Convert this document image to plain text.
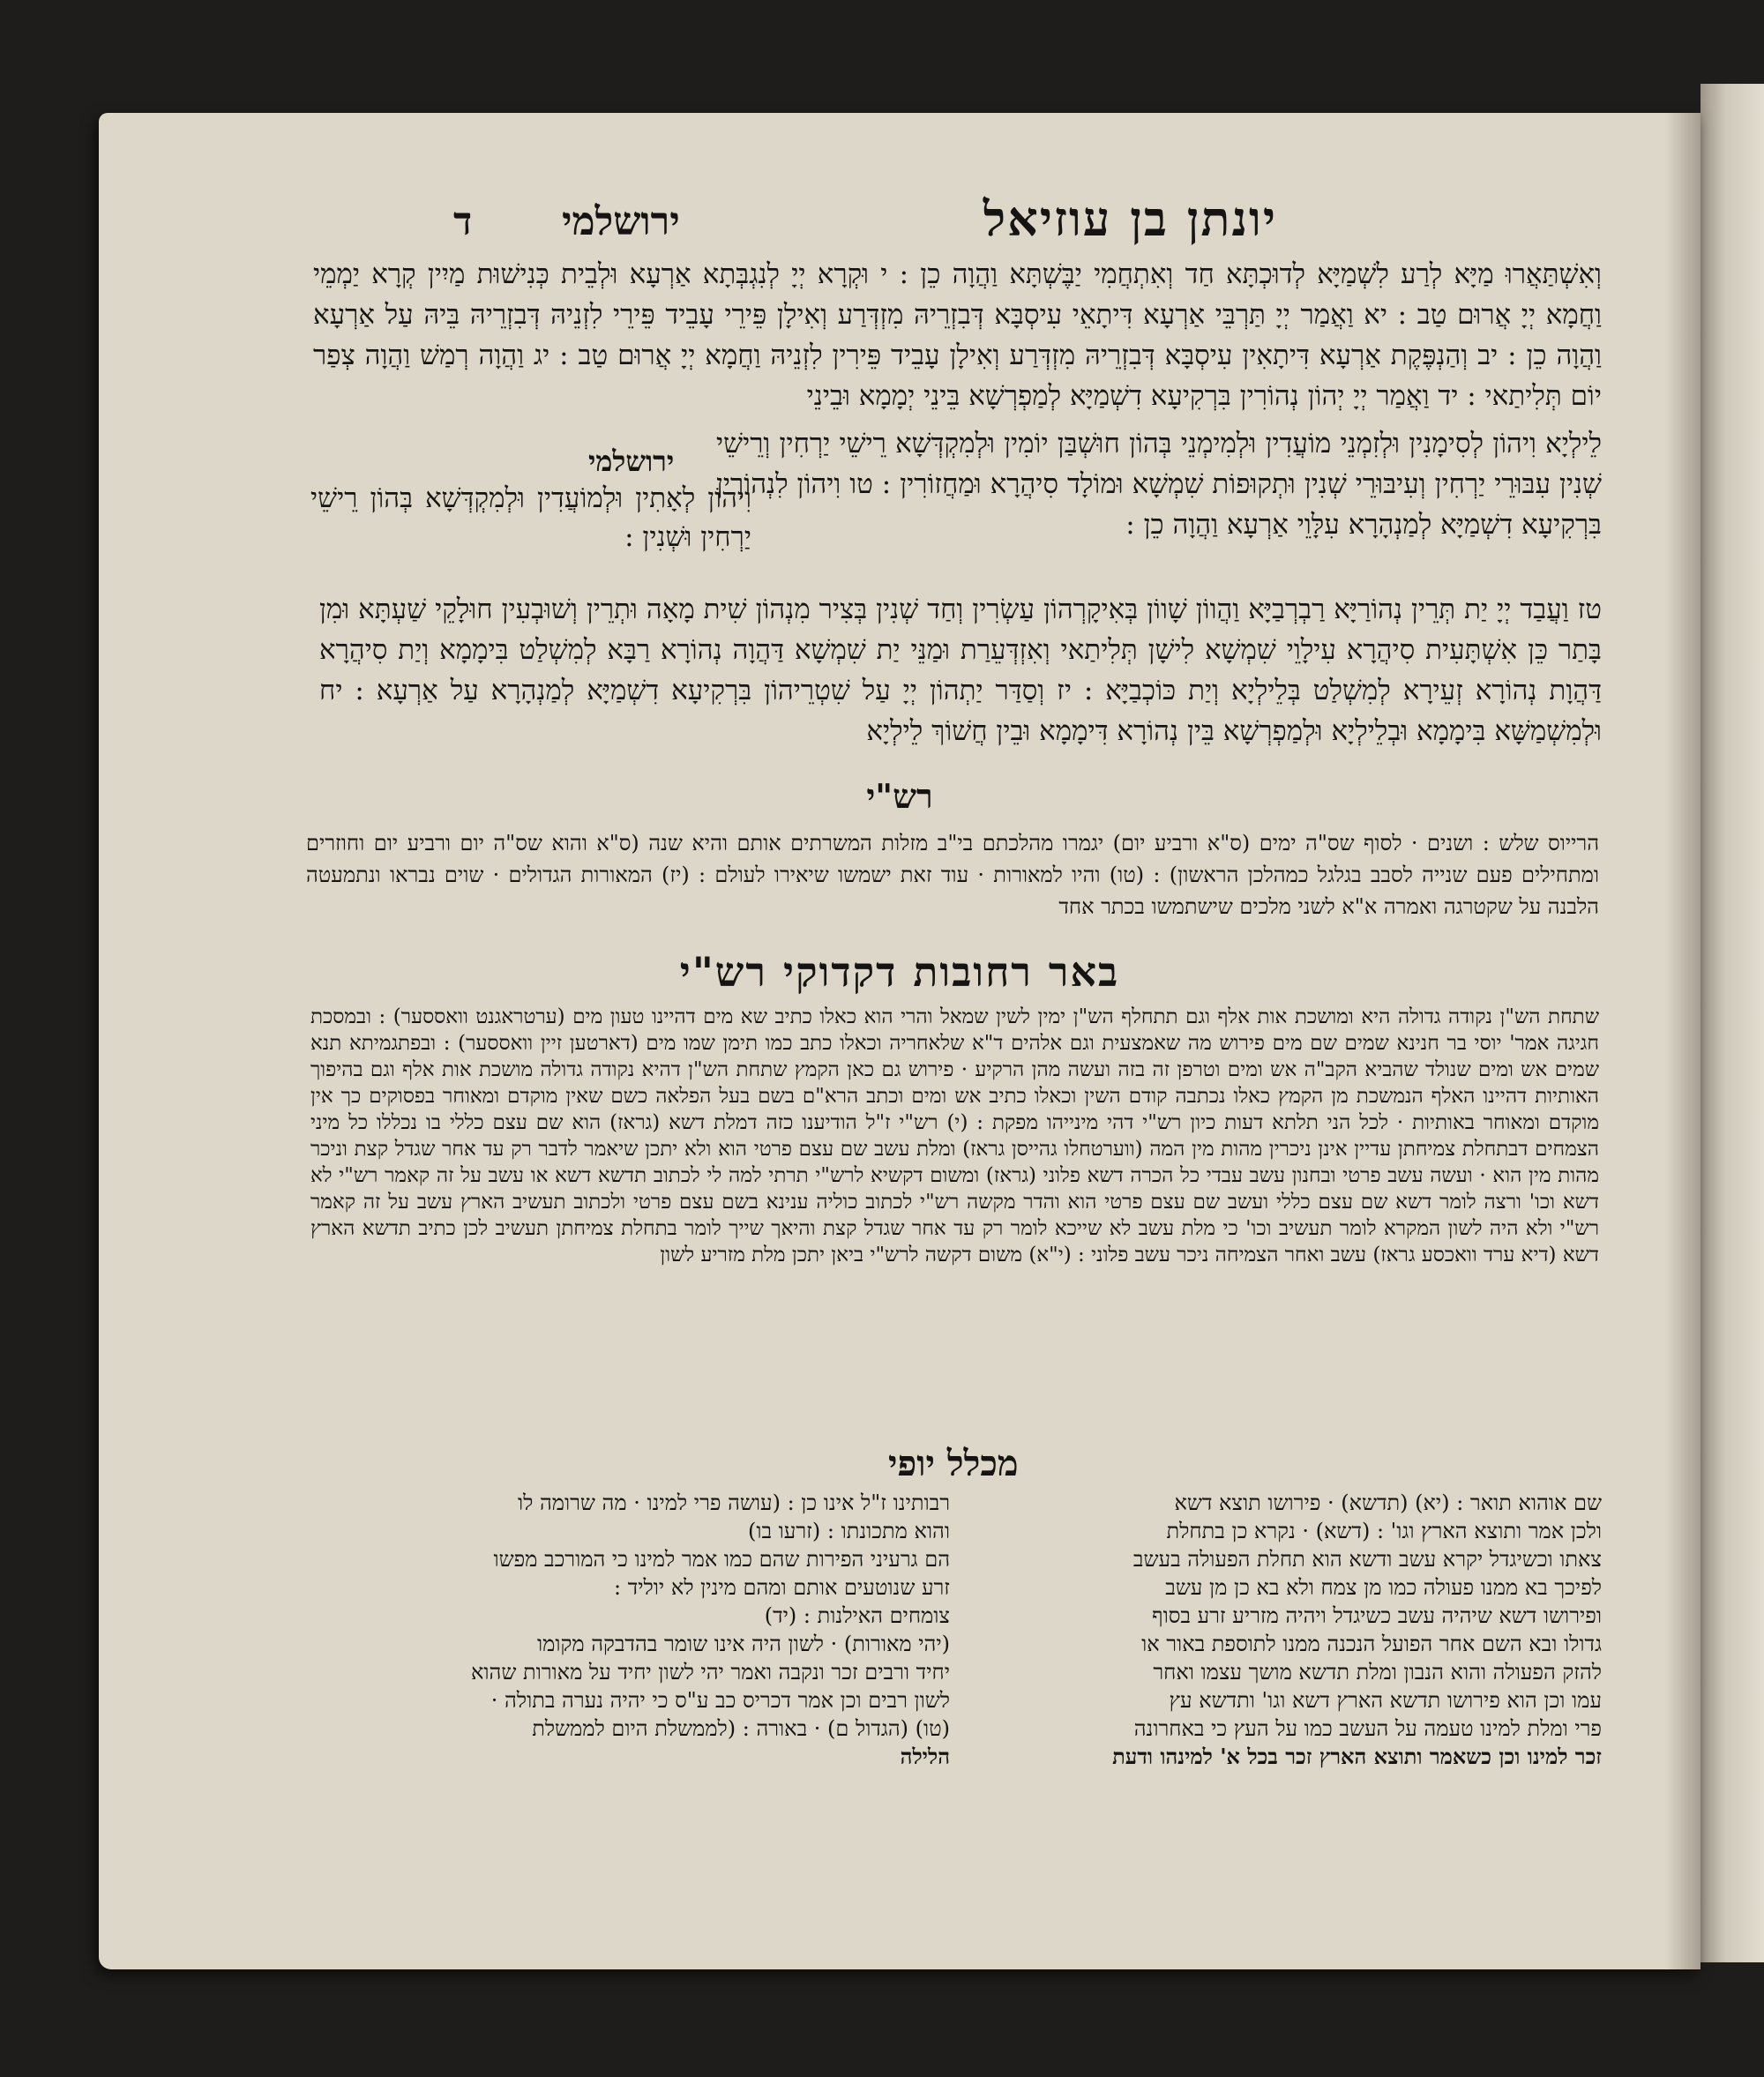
יונתן בן עוזיאל
ירושלמי
ד
וְאִשְׁתַּאֲרוּ מַיָּא לְרַע לִשְׁמַיָּא לְדוּכְתָּא חַד וְאִתְחֲמִי יַבֶּשְׁתָּא וַהֲוָה כֵן : י וּקְרָא יְיָ לְנִגְבְּתָא אַרְעָא וּלְבֵית כְּנִישׁוּת מַיִין קְרָא יַמְמֵי וַחֲמָא יְיָ אֲרוּם טַב : יא וַאֲמַר יְיָ תַּרְבֵּי אַרְעָא דִּיתָאֵי עִיסְבָּא דְּבִזְרֵיהּ מִזְדְּרַע וְאִילָן פֵּירֵי עָבֵיד פֵּירֵי לִזְנֵיהּ דְּבִזְרֵיהּ בֵּיהּ עַל אַרְעָא וַהֲוָה כֵן : יב וְהַנְפֶּקֶת אַרְעָא דִּיתָאִין עִיסְבָּא דְּבִזְרֵיהּ מִזְדְּרַע וְאִילָן עָבֵיד פֵּירִין לִזְנֵיהּ וַחֲמָא יְיָ אֲרוּם טַב : יג וַהֲוָה רְמַשׁ וַהֲוָה צְפַר יוֹם תְּלִיתַאי : יד וַאֲמַר יְיָ יְהוֹן נְהוֹרִין בִּרְקִיעָא דִשְׁמַיָּא לְמַפְרְשָׁא בֵּינֵי יְמָמָא וּבֵינֵי
לֵילְיָא וִיהוֹן לְסִימָנִין וּלְזִמְנֵי מוֹעֲדִין וּלְמִימְנֵי בְּהוֹן חוּשְׁבַּן יוֹמִין וּלְמִקְדְּשָׁא רֵישֵׁי יַרְחִין וְרֵישֵׁי שְׁנִין עִבּוּרֵי יַרְחִין וְעִיבּוּרֵי שְׁנִין וּתְקוּפוֹת שִׁמְשָׁא וּמוֹלָד סִיהֲרָא וּמַחֲזוֹרִין : טו וִיהוֹן לִנְהוֹרִין בִּרְקִיעָא דִשְׁמַיָּא לְמַנְהָרָא עִלָּוֵי אַרְעָא וַהֲוָה כֵן :
ירושלמי
וִיהוֹן לְאָתִין וּלְמוֹעֲדִין וּלְמִקְדְּשָׁא בְּהוֹן רֵישֵׁי יַרְחִין וּשְׁנִין :
טז וַעֲבַד יְיָ יַת תְּרֵין נְהוֹרַיָּא רַבְרְבַיָּא וַהֲווֹן שָׁווֹן בְּאִיקָרְהוֹן עַשְׂרִין וְחַד שְׁנִין בְּצִיר מִנְהוֹן שִׁית מָאָה וּתְרֵין וְשׁוּבְעִין חוּלָקֵי שַׁעְתָּא וּמִן בָּתַר כֵּן אִשְׁתָּעִית סִיהֲרָא עִילָוֵי שִׁמְשָׁא לִישָׁן תְּלִיתַאי וְאִזְדְּעֵרַת וּמַנֵּי יַת שִׁמְשָׁא דַּהֲוָה נְהוֹרָא רַבָּא לְמִשְׁלַט בִּימָמָא וְיַת סִיהֲרָא דַּהֲוָת נְהוֹרָא זְעֵירָא לְמִשְׁלַט בְּלֵילְיָא וְיַת כּוֹכְבַיָּא : יז וְסַדַּר יַתְהוֹן יְיָ עַל שִׁטְרֵיהוֹן בִּרְקִיעָא דִשְׁמַיָּא לְמַנְהָרָא עַל אַרְעָא : יח וּלְמִשְׁמַשָּׁא בִּימָמָא וּבְלֵילְיָא וּלְמַפְרְשָׁא בֵּין נְהוֹרָא דִּימָמָא וּבֵין חֲשׁוֹךְ לֵילְיָא
רש"י
הרייוס שלש : ושנים · לסוף שס"ה ימים (ס"א ורביע יום) יגמרו מהלכתם בי"ב מזלות המשרתים אותם והיא שנה (ס"א והוא שס"ה יום ורביע יום וחוזרים ומתחילים פעם שנייה לסבב בגלגל כמהלכן הראשון) : (טו) והיו למאורות · עוד זאת ישמשו שיאירו לעולם : (יז) המאורות הגדולים · שוים נבראו ונתמעטה הלבנה על שקטרגה ואמרה א"א לשני מלכים שישתמשו בכתר אחד
באר רחובות דקדוקי רש"י
שתחת הש"ן נקודה גדולה היא ומושכת אות אלף וגם תתחלף הש"ן ימין לשין שמאל והרי הוא כאלו כתיב שא מים דהיינו טעון מים (ערטראגנט וואססער) : ובמסכת חגיגה אמר' יוסי בר חנינא שמים שם מים פירוש מה שאמצעית וגם אלהים ד"א שלאחריה וכאלו כתב כמו תימן שמו מים (דארטען זיין וואססער) : ובפתגמיתא תנא שמים אש ומים שנולד שהביא הקב"ה אש ומים וטרפן זה בזה ועשה מהן הרקיע · פירוש גם כאן הקמץ שתחת הש"ן דהיא נקודה גדולה מושכת אות אלף וגם בהיפוך האותיות דהיינו האלף הנמשכת מן הקמץ כאלו נכתבה קודם השין וכאלו כתיב אש ומים וכתב הרא"ם בשם בעל הפלאה כשם שאין מוקדם ומאוחר בפסוקים כך אין מוקדם ומאוחר באותיות · לכל הני תלתא דעות כיון רש"י דהי מינייהו מפקת : (י) רש"י ז"ל הודיענו כזה דמלת דשא (גראז) הוא שם עצם כללי בו נכללו כל מיני הצמחים דבתחלת צמיחתן עדיין אינן ניכרין מהות מין המה (ווערטחלו גהייסן גראז) ומלת עשב שם עצם פרטי הוא ולא יתכן שיאמר לדבר רק עד אחר שגדל קצת וניכר מהות מין הוא · ועשה עשב פרטי ובחנון עשב עבדי כל הכרה דשא פלוני (גראז) ומשום דקשיא לרש"י תרתי למה לי לכתוב תדשא דשא או עשב על זה קאמר רש"י לא דשא וכו' ורצה לומר דשא שם עצם כללי ועשב שם עצם פרטי הוא והדר מקשה רש"י לכתוב כוליה ענינא בשם עצם פרטי ולכתוב תעשיב הארץ עשב על זה קאמר רש"י ולא היה לשון המקרא לומר תעשיב וכו' כי מלת עשב לא שייכא לומר רק עד אחר שגדל קצת והיאך שייך לומר בתחלת צמיחתן תעשיב לכן כתיב תדשא הארץ דשא (דיא ערד וואכסע גראז) עשב ואחר הצמיחה ניכר עשב פלוני : (י"א) משום דקשה לרש"י ביאן יתכן מלת מזריע לשון
מכלל יופי
שם אוהוא תואר : (יא) (תדשא) · פירושו תוצא דשא
ולכן אמר ותוצא הארץ וגו' : (דשא) · נקרא כן בתחלת
צאתו וכשיגדל יקרא עשב ודשא הוא תחלת הפעולה בעשב
לפיכך בא ממנו פעולה כמו מן צמח ולא בא כן מן עשב
ופירושו דשא שיהיה עשב כשיגדל ויהיה מזריע זרע בסוף
גדולו ובא השם אחר הפועל הנכנה ממנו לתוספת באור או
להזק הפעולה והוא הנבון ומלת תדשא מושך עצמו ואחר
עמו וכן הוא פירושו תדשא הארץ דשא וגו' ותדשא עץ
פרי ומלת למינו טעמה על העשב כמו על העץ כי באחרונה
זכר למינו וכן כשאמר ותוצא הארץ זכר בכל א' למינהו ודעת
רבותינו ז"ל אינו כן : (עושה פרי למינו · מה שרומה לו
והוא מתכונתו : (זרעו בו)
הם גרעיני הפירות שהם כמו אמר למינו כי המורכב מפשו
זרע שנוטעים אותם ומהם מינין לא יוליד :
צומחים האילנות : (יד)
(יהי מאורות) · לשון היה אינו שומר בהדבקה מקומו
יחיד ורבים זכר ונקבה ואמר יהי לשון יחיד על מאורות שהוא
לשון רבים וכן אמר דכריס כב ע"ס כי יהיה נערה בתולה ·
(טו) (הגדול ם) · באורה : (לממשלת היום לממשלת
הלילה
